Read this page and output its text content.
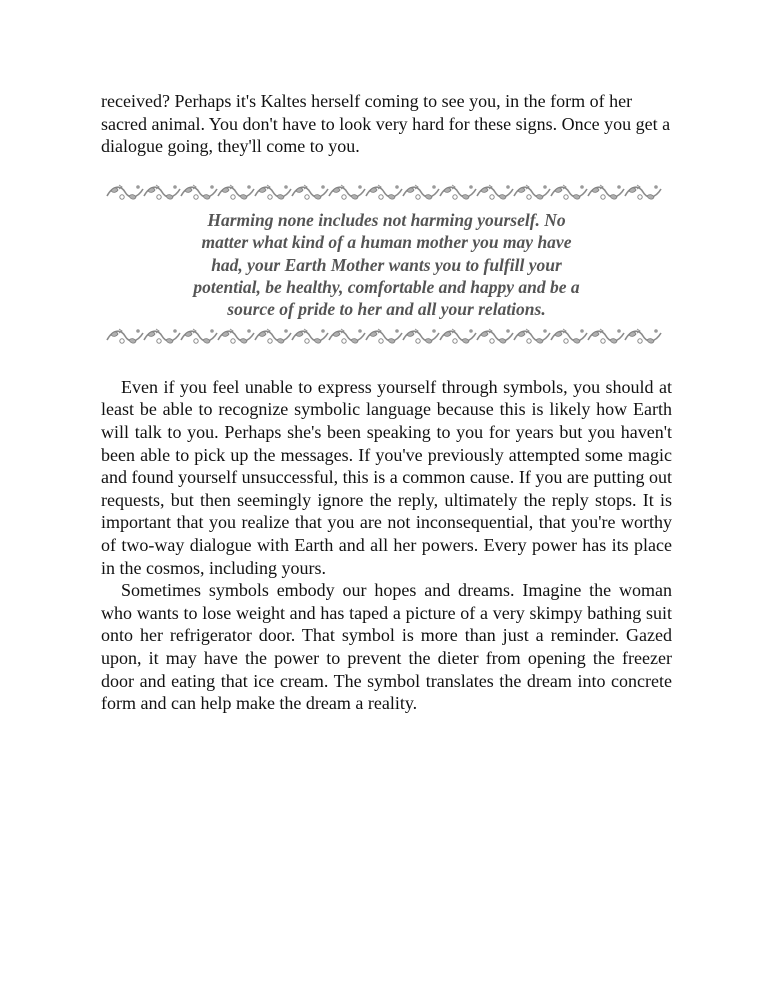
received? Perhaps it's Kaltes herself coming to see you, in the form of her sacred animal. You don't have to look very hard for these signs. Once you get a dialogue going, they'll come to you.

Harming none includes not harming yourself. No matter what kind of a human mother you may have had, your Earth Mother wants you to fulfill your potential, be healthy, comfortable and happy and be a source of pride to her and all your relations.

Even if you feel unable to express yourself through symbols, you should at least be able to recognize symbolic language because this is likely how Earth will talk to you. Perhaps she's been speaking to you for years but you haven't been able to pick up the messages. If you've previously attempted some magic and found yourself unsuccessful, this is a common cause. If you are putting out requests, but then seemingly ignore the reply, ultimately the reply stops. It is important that you realize that you are not inconsequential, that you're worthy of two-way dialogue with Earth and all her powers. Every power has its place in the cosmos, including yours.

Sometimes symbols embody our hopes and dreams. Imagine the woman who wants to lose weight and has taped a picture of a very skimpy bathing suit onto her refrigerator door. That symbol is more than just a reminder. Gazed upon, it may have the power to prevent the dieter from opening the freezer door and eating that ice cream. The symbol translates the dream into concrete form and can help make the dream a reality.
